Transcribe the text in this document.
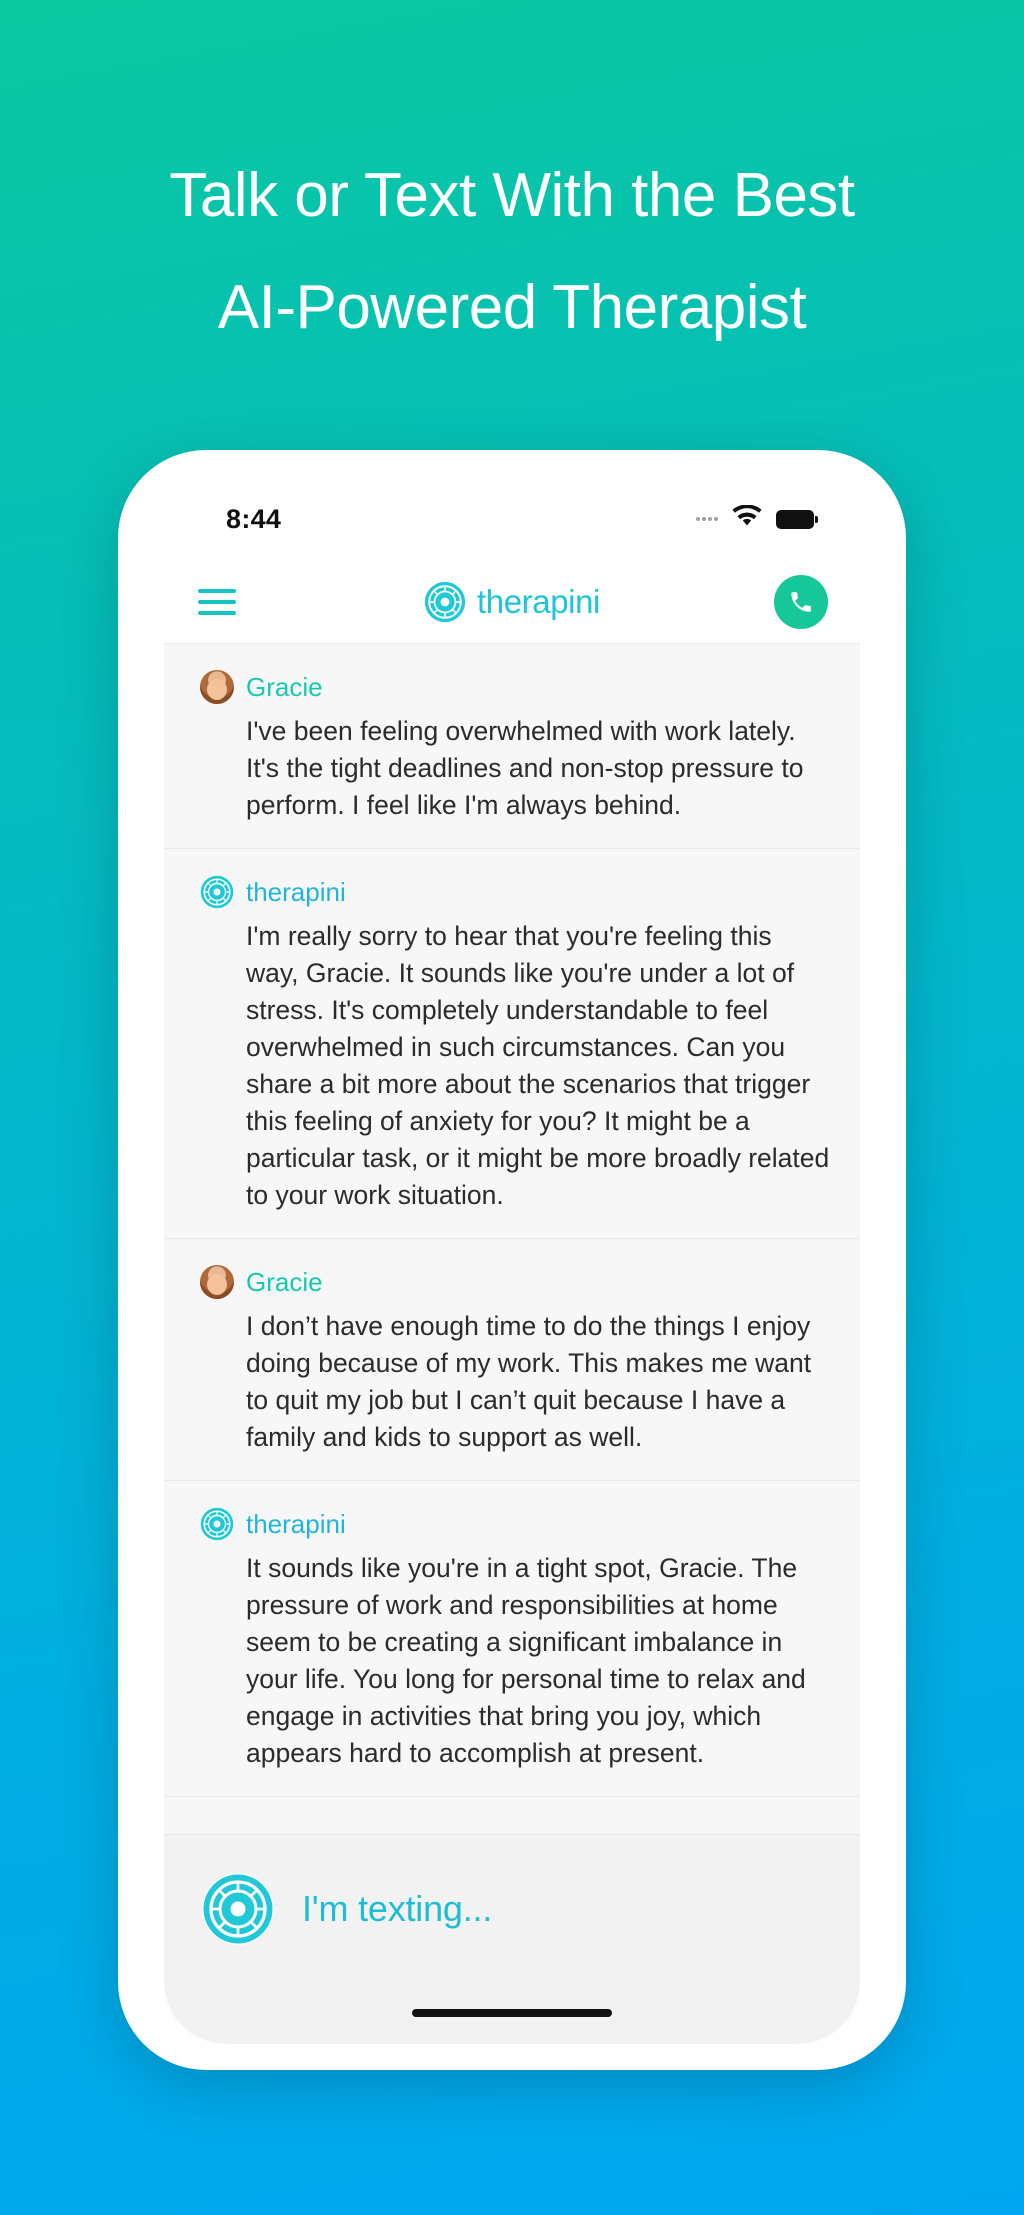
Talk or Text With the Best
AI-Powered Therapist
8:44
therapini
Gracie
I've been feeling overwhelmed with work lately. It's the tight deadlines and non-stop pressure to perform. I feel like I'm always behind.
therapini
I'm really sorry to hear that you're feeling this way, Gracie. It sounds like you're under a lot of stress. It's completely understandable to feel overwhelmed in such circumstances. Can you share a bit more about the scenarios that trigger this feeling of anxiety for you? It might be a particular task, or it might be more broadly related to your work situation.
Gracie
I don’t have enough time to do the things I enjoy doing because of my work. This makes me want to quit my job but I can’t quit because I have a family and kids to support as well.
therapini
It sounds like you're in a tight spot, Gracie. The pressure of work and responsibilities at home seem to be creating a significant imbalance in your life. You long for personal time to relax and engage in activities that bring you joy, which appears hard to accomplish at present.
I'm texting...
